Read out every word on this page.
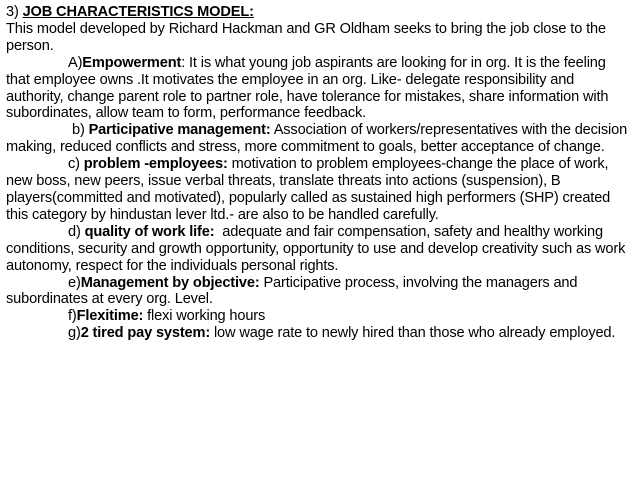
3) JOB CHARACTERISTICS MODEL:

This model developed by Richard Hackman and GR Oldham seeks to bring the job close to the person.

A)Empowerment: It is what young job aspirants are looking for in org. It is the feeling that employee owns .It motivates the employee in an org. Like- delegate responsibility and authority, change parent role to partner role, have tolerance for mistakes, share information with subordinates, allow team to form, performance feedback.

b) Participative management: Association of workers/representatives with the decision making, reduced conflicts and stress, more commitment to goals, better acceptance of change.

c) problem -employees: motivation to problem employees-change the place of work, new boss, new peers, issue verbal threats, translate threats into actions (suspension), B players(committed and motivated), popularly called as sustained high performers (SHP) created this category by hindustan lever ltd.- are also to be handled carefully.

d) quality of work life: adequate and fair compensation, safety and healthy working conditions, security and growth opportunity, opportunity to use and develop creativity such as work autonomy, respect for the individuals personal rights.

e)Management by objective: Participative process, involving the managers and subordinates at every org. Level.

f)Flexitime: flexi working hours

g)2 tired pay system: low wage rate to newly hired than those who already employed.
